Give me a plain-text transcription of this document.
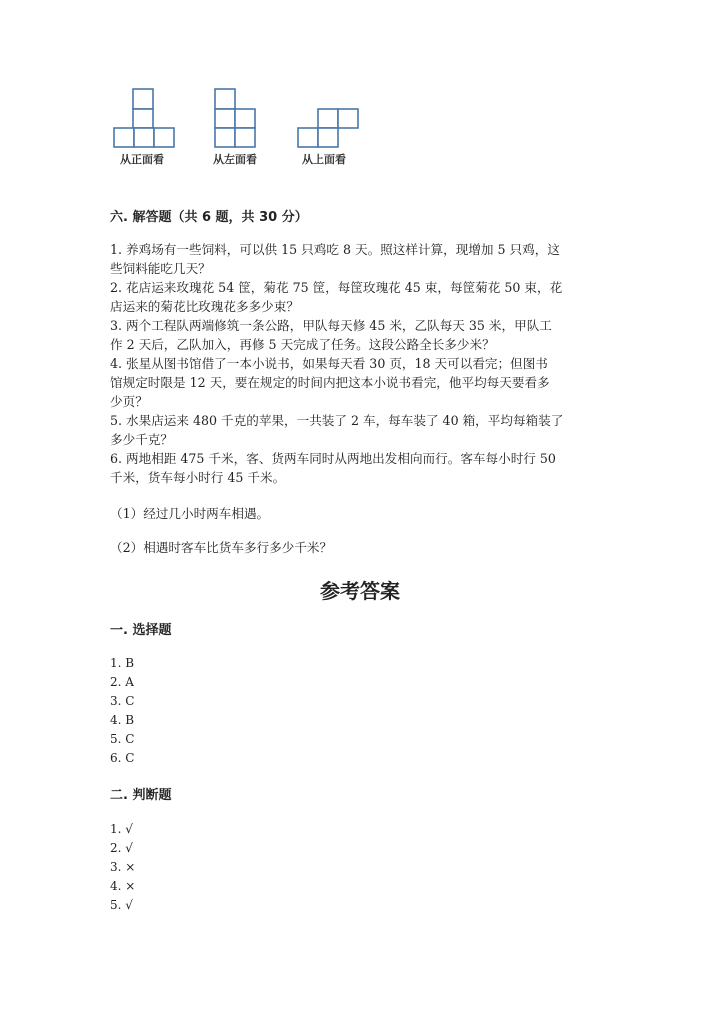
从正面看	从左面看	从上面看
六. 解答题（共 6 题，共 30 分）
1. 养鸡场有一些饲料，可以供 15 只鸡吃 8 天。照这样计算，现增加 5 只鸡，这
些饲料能吃几天？
2. 花店运来玫瑰花 54 筐，菊花 75 筐，每筐玫瑰花 45 束，每筐菊花 50 束，花
店运来的菊花比玫瑰花多多少束？
3. 两个工程队两端修筑一条公路，甲队每天修 45 米，乙队每天 35 米，甲队工
作 2 天后，乙队加入，再修 5 天完成了任务。这段公路全长多少米？
4. 张星从图书馆借了一本小说书，如果每天看 30 页，18 天可以看完；但图书
馆规定时限是 12 天，要在规定的时间内把这本小说书看完，他平均每天要看多
少页？
5. 水果店运来 480 千克的苹果，一共装了 2 车，每车装了 40 箱，平均每箱装了
多少千克？
6. 两地相距 475 千米，客、货两车同时从两地出发相向而行。客车每小时行 50
千米，货车每小时行 45 千米。
（1）经过几小时两车相遇。
（2）相遇时客车比货车多行多少千米？
参考答案
一. 选择题
1. B
2. A
3. C
4. B
5. C
6. C
二. 判断题
1. √
2. √
3. ×
4. ×
5. √
